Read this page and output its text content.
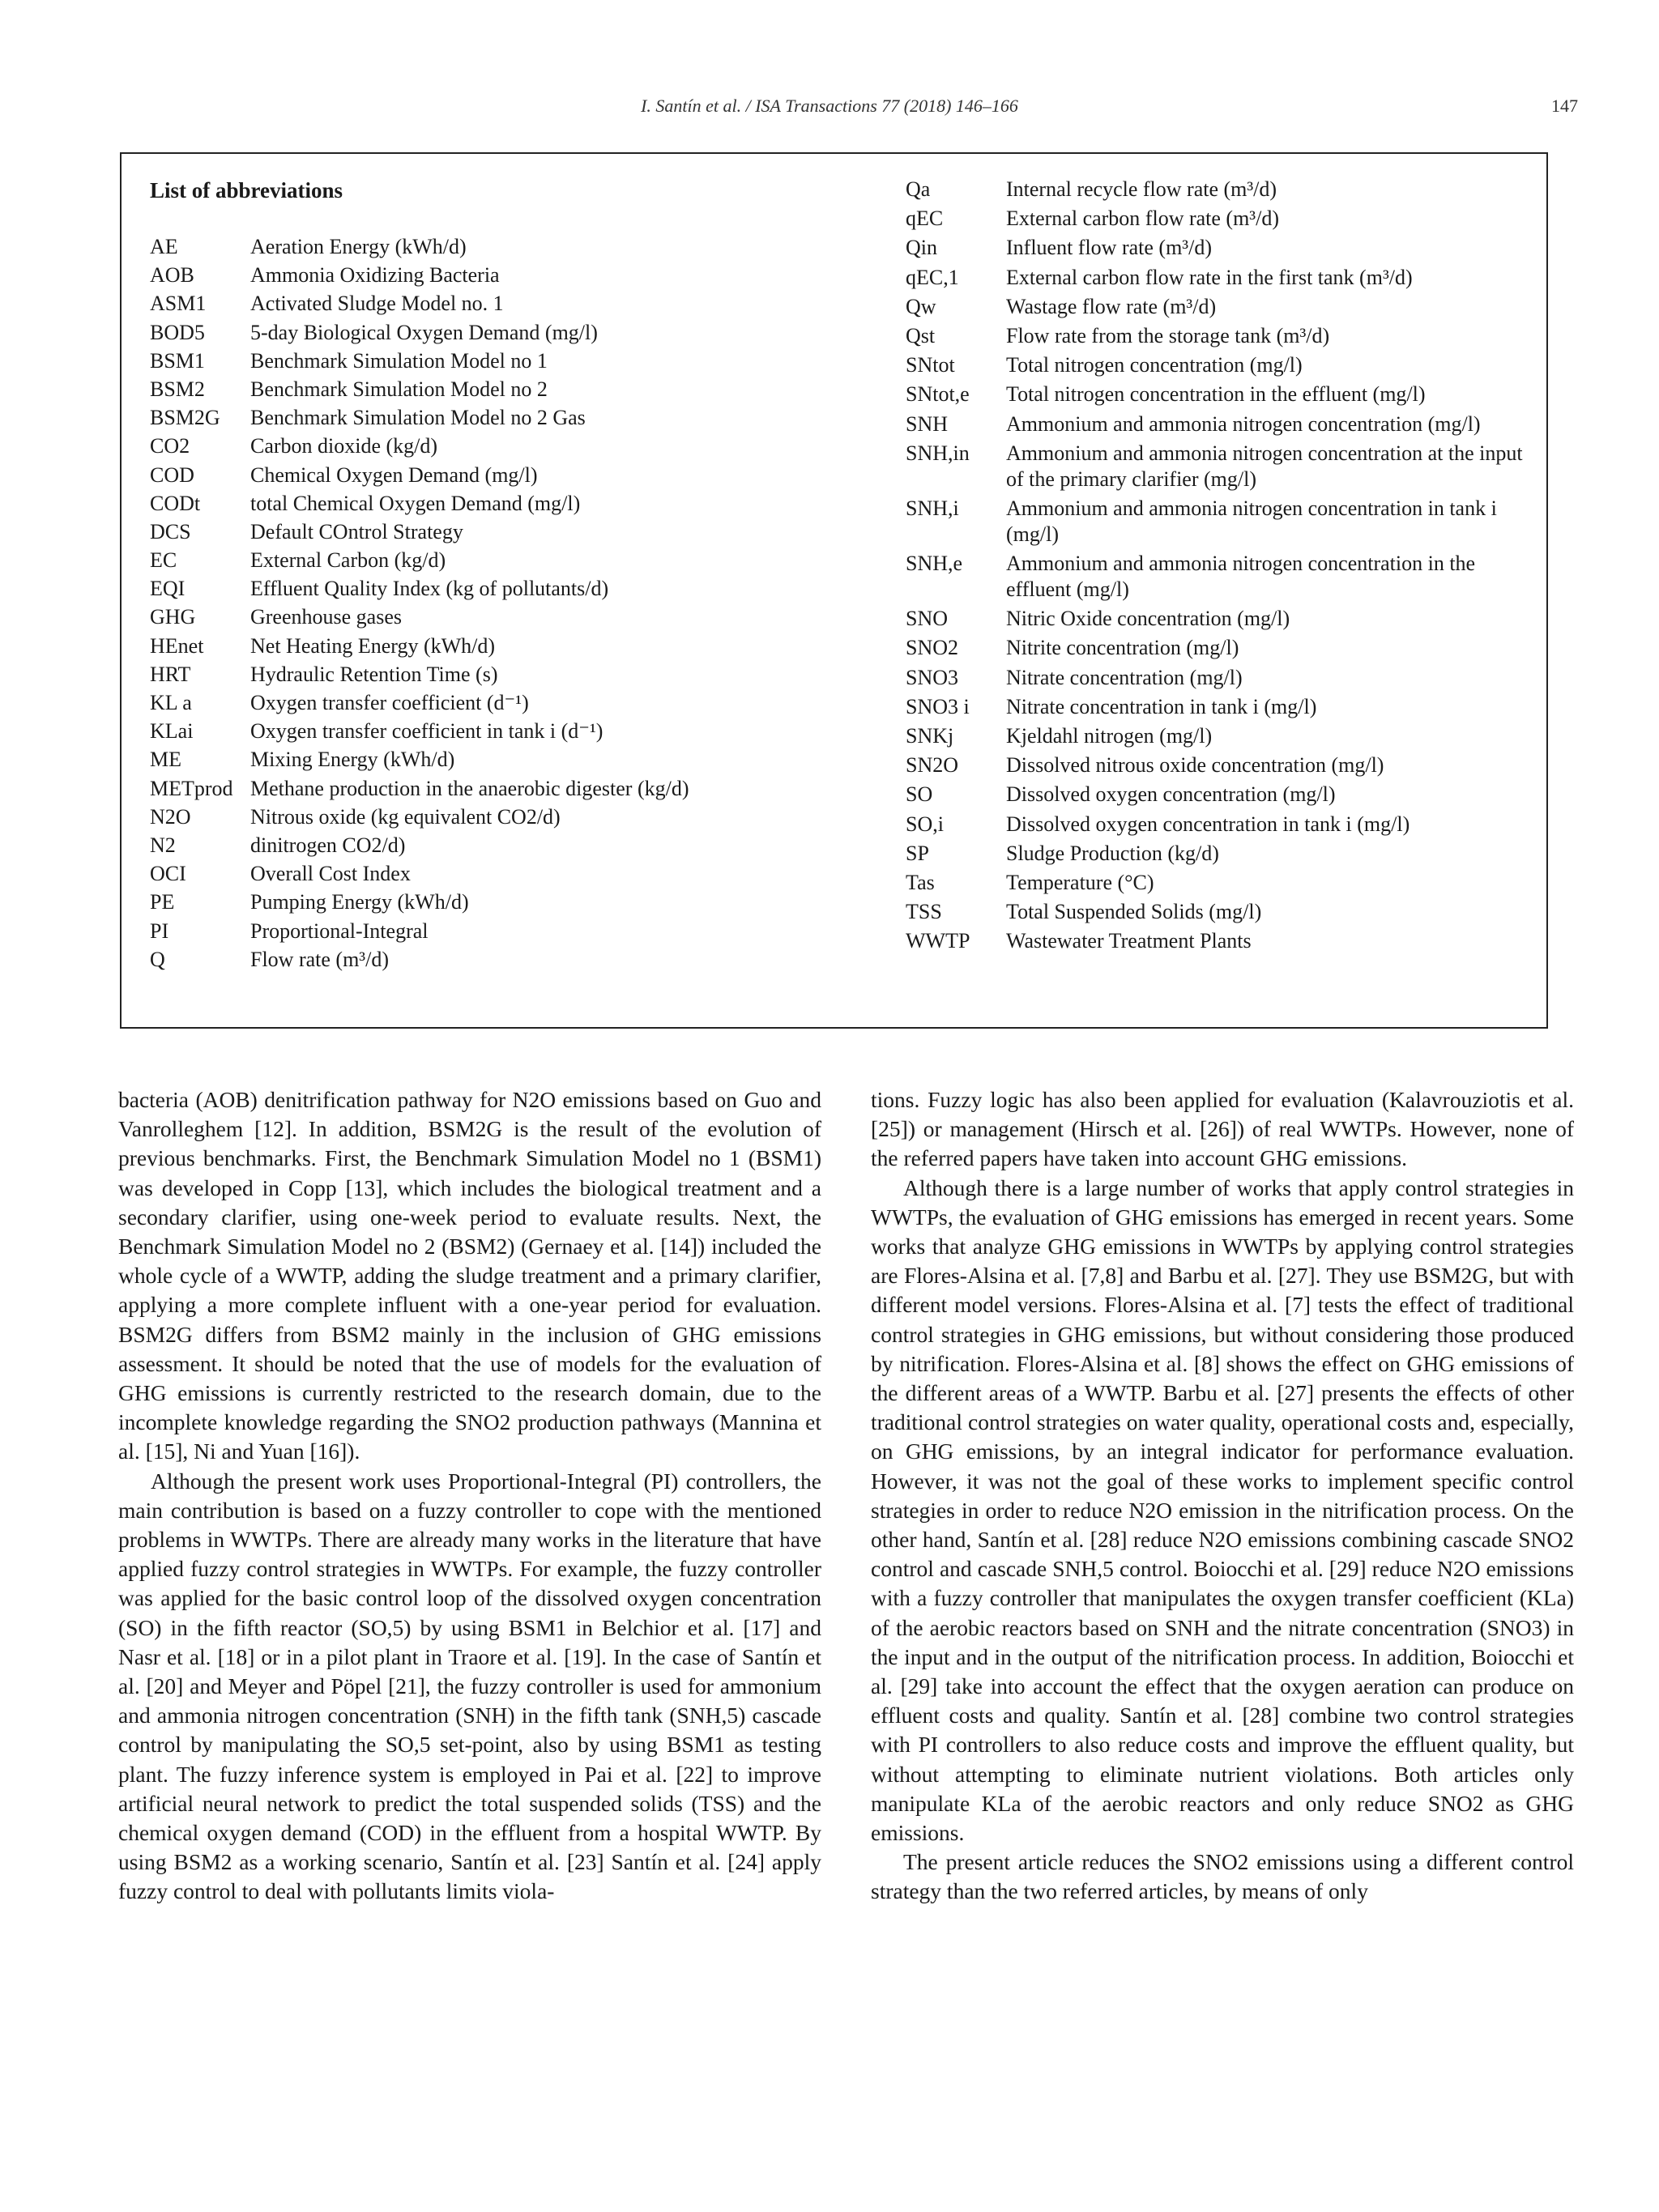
I. Santín et al. / ISA Transactions 77 (2018) 146–166	147
List of abbreviations
AE	Aeration Energy (kWh/d)
AOB	Ammonia Oxidizing Bacteria
ASM1	Activated Sludge Model no. 1
BOD5	5-day Biological Oxygen Demand (mg/l)
BSM1	Benchmark Simulation Model no 1
BSM2	Benchmark Simulation Model no 2
BSM2G	Benchmark Simulation Model no 2 Gas
CO2	Carbon dioxide (kg/d)
COD	Chemical Oxygen Demand (mg/l)
CODt	total Chemical Oxygen Demand (mg/l)
DCS	Default COntrol Strategy
EC	External Carbon (kg/d)
EQI	Effluent Quality Index (kg of pollutants/d)
GHG	Greenhouse gases
HEnet	Net Heating Energy (kWh/d)
HRT	Hydraulic Retention Time (s)
KL a	Oxygen transfer coefficient (d⁻¹)
KLai	Oxygen transfer coefficient in tank i (d⁻¹)
ME	Mixing Energy (kWh/d)
METprod Methane production in the anaerobic digester (kg/d)
N2O	Nitrous oxide (kg equivalent CO2/d)
N2	dinitrogen CO2/d)
OCI	Overall Cost Index
PE	Pumping Energy (kWh/d)
PI	Proportional-Integral
Q	Flow rate (m³/d)
Qa	Internal recycle flow rate (m³/d)
qEC	External carbon flow rate (m³/d)
Qin	Influent flow rate (m³/d)
qEC,1	External carbon flow rate in the first tank (m³/d)
Qw	Wastage flow rate (m³/d)
Qst	Flow rate from the storage tank (m³/d)
SNtot	Total nitrogen concentration (mg/l)
SNtot,e	Total nitrogen concentration in the effluent (mg/l)
SNH	Ammonium and ammonia nitrogen concentration (mg/l)
SNH,in	Ammonium and ammonia nitrogen concentration at the input of the primary clarifier (mg/l)
SNH,i	Ammonium and ammonia nitrogen concentration in tank i (mg/l)
SNH,e	Ammonium and ammonia nitrogen concentration in the effluent (mg/l)
SNO	Nitric Oxide concentration (mg/l)
SNO2	Nitrite concentration (mg/l)
SNO3	Nitrate concentration (mg/l)
SNO3 i	Nitrate concentration in tank i (mg/l)
SNKj	Kjeldahl nitrogen (mg/l)
SN2O	Dissolved nitrous oxide concentration (mg/l)
SO	Dissolved oxygen concentration (mg/l)
SO,i	Dissolved oxygen concentration in tank i (mg/l)
SP	Sludge Production (kg/d)
Tas	Temperature (°C)
TSS	Total Suspended Solids (mg/l)
WWTP	Wastewater Treatment Plants

bacteria (AOB) denitrification pathway for N2O emissions based on Guo and Vanrolleghem [12]. In addition, BSM2G is the result of the evolution of previous benchmarks. First, the Benchmark Simulation Model no 1 (BSM1) was developed in Copp [13], which includes the biological treatment and a secondary clarifier, using one-week period to evaluate results. Next, the Benchmark Simulation Model no 2 (BSM2) (Gernaey et al. [14]) included the whole cycle of a WWTP, adding the sludge treatment and a primary clarifier, applying a more complete influent with a one-year period for evaluation. BSM2G differs from BSM2 mainly in the inclusion of GHG emissions assessment. It should be noted that the use of models for the evaluation of GHG emissions is currently restricted to the research domain, due to the incomplete knowledge regarding the SNO2 production pathways (Mannina et al. [15], Ni and Yuan [16]).

Although the present work uses Proportional-Integral (PI) controllers, the main contribution is based on a fuzzy controller to cope with the mentioned problems in WWTPs. There are already many works in the literature that have applied fuzzy control strategies in WWTPs. For example, the fuzzy controller was applied for the basic control loop of the dissolved oxygen concentration (SO) in the fifth reactor (SO,5) by using BSM1 in Belchior et al. [17] and Nasr et al. [18] or in a pilot plant in Traore et al. [19]. In the case of Santín et al. [20] and Meyer and Pöpel [21], the fuzzy controller is used for ammonium and ammonia nitrogen concentration (SNH) in the fifth tank (SNH,5) cascade control by manipulating the SO,5 set-point, also by using BSM1 as testing plant. The fuzzy inference system is employed in Pai et al. [22] to improve artificial neural network to predict the total suspended solids (TSS) and the chemical oxygen demand (COD) in the effluent from a hospital WWTP. By using BSM2 as a working scenario, Santín et al. [23] Santín et al. [24] apply fuzzy control to deal with pollutants limits viola-

tions. Fuzzy logic has also been applied for evaluation (Kalavrouziotis et al. [25]) or management (Hirsch et al. [26]) of real WWTPs. However, none of the referred papers have taken into account GHG emissions.

Although there is a large number of works that apply control strategies in WWTPs, the evaluation of GHG emissions has emerged in recent years. Some works that analyze GHG emissions in WWTPs by applying control strategies are Flores-Alsina et al. [7,8] and Barbu et al. [27]. They use BSM2G, but with different model versions. Flores-Alsina et al. [7] tests the effect of traditional control strategies in GHG emissions, but without considering those produced by nitrification. Flores-Alsina et al. [8] shows the effect on GHG emissions of the different areas of a WWTP. Barbu et al. [27] presents the effects of other traditional control strategies on water quality, operational costs and, especially, on GHG emissions, by an integral indicator for performance evaluation. However, it was not the goal of these works to implement specific control strategies in order to reduce N2O emission in the nitrification process. On the other hand, Santín et al. [28] reduce N2O emissions combining cascade SNO2 control and cascade SNH,5 control. Boiocchi et al. [29] reduce N2O emissions with a fuzzy controller that manipulates the oxygen transfer coefficient (KLa) of the aerobic reactors based on SNH and the nitrate concentration (SNO3) in the input and in the output of the nitrification process. In addition, Boiocchi et al. [29] take into account the effect that the oxygen aeration can produce on effluent costs and quality. Santín et al. [28] combine two control strategies with PI controllers to also reduce costs and improve the effluent quality, but without attempting to eliminate nutrient violations. Both articles only manipulate KLa of the aerobic reactors and only reduce SNO2 as GHG emissions.

The present article reduces the SNO2 emissions using a different control strategy than the two referred articles, by means of only
